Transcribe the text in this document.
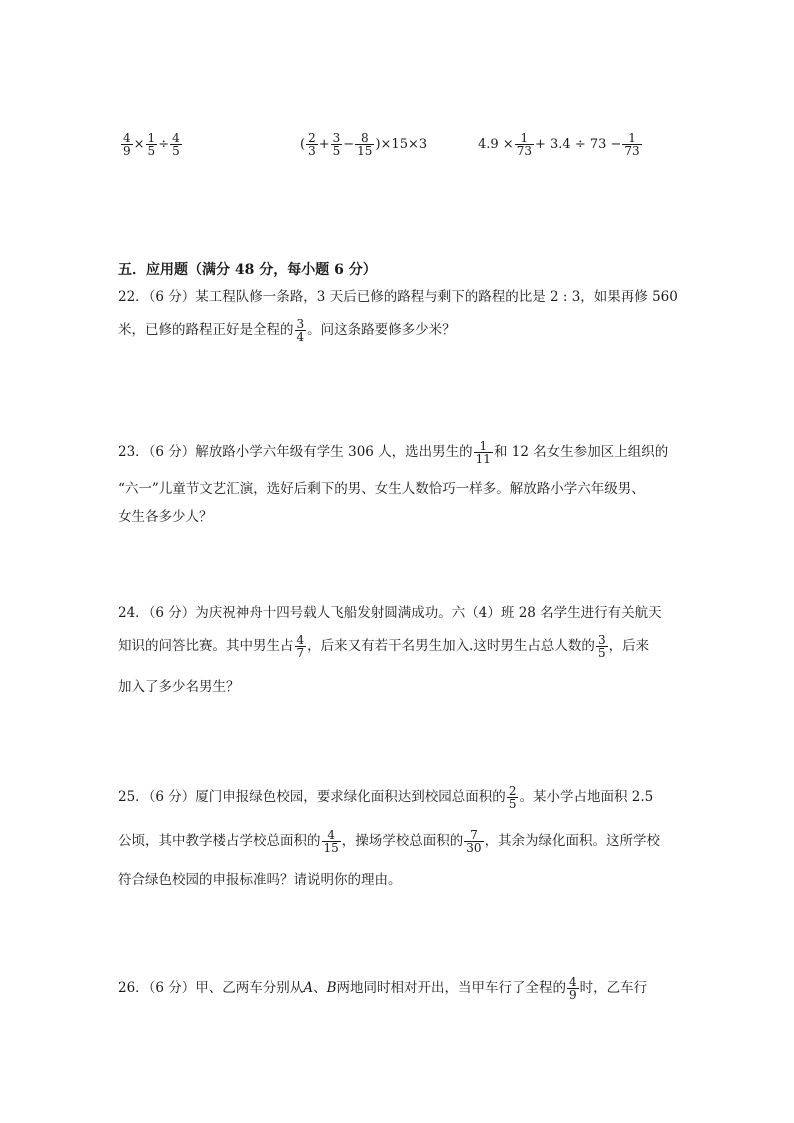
$\frac{4}{9} \times \frac{1}{5} \div \frac{4}{5}$	( $\frac{2}{3} + \frac{3}{5} - \frac{8}{15} )\times 15\times 3$	$4.9 \times \frac{1}{73} + 3.4 \div 73 - \frac{1}{73}$
五．应用题（满分 48 分，每小题 6 分）
22．（6 分）某工程队修一条路，3 天后已修的路程与剩下的路程的比是 2 : 3，如果再修 560
米，已修的路程正好是全程的 $\frac{3}{4}$ 。问这条路要修多少米？
23．（6 分）解放路小学六年级有学生 306 人，选出男生的 $\frac{1}{11}$ 和 12 名女生参加区上组织的
“六一”儿童节文艺汇演，选好后剩下的男、女生人数恰巧一样多。解放路小学六年级男、
女生各多少人？
24．（6 分）为庆祝神舟十四号载人飞船发射圆满成功。六（4）班 28 名学生进行有关航天
知识的问答比赛。其中男生占 $\frac{4}{7}$ ，后来又有若干名男生加入.这时男生占总人数的 $\frac{3}{5}$ ，后来
加入了多少名男生？
25．（6 分）厦门申报绿色校园，要求绿化面积达到校园总面积的 $\frac{2}{5}$ 。某小学占地面积 2.5
公顷，其中教学楼占学校总面积的 $\frac{4}{15}$ ，操场学校总面积的 $\frac{7}{30}$ ，其余为绿化面积。这所学校
符合绿色校园的申报标准吗？请说明你的理由。
26．（6 分）甲、乙两车分别从A、B两地同时相对开出，当甲车行了全程的 $\frac{4}{9}$ 时，乙车行
